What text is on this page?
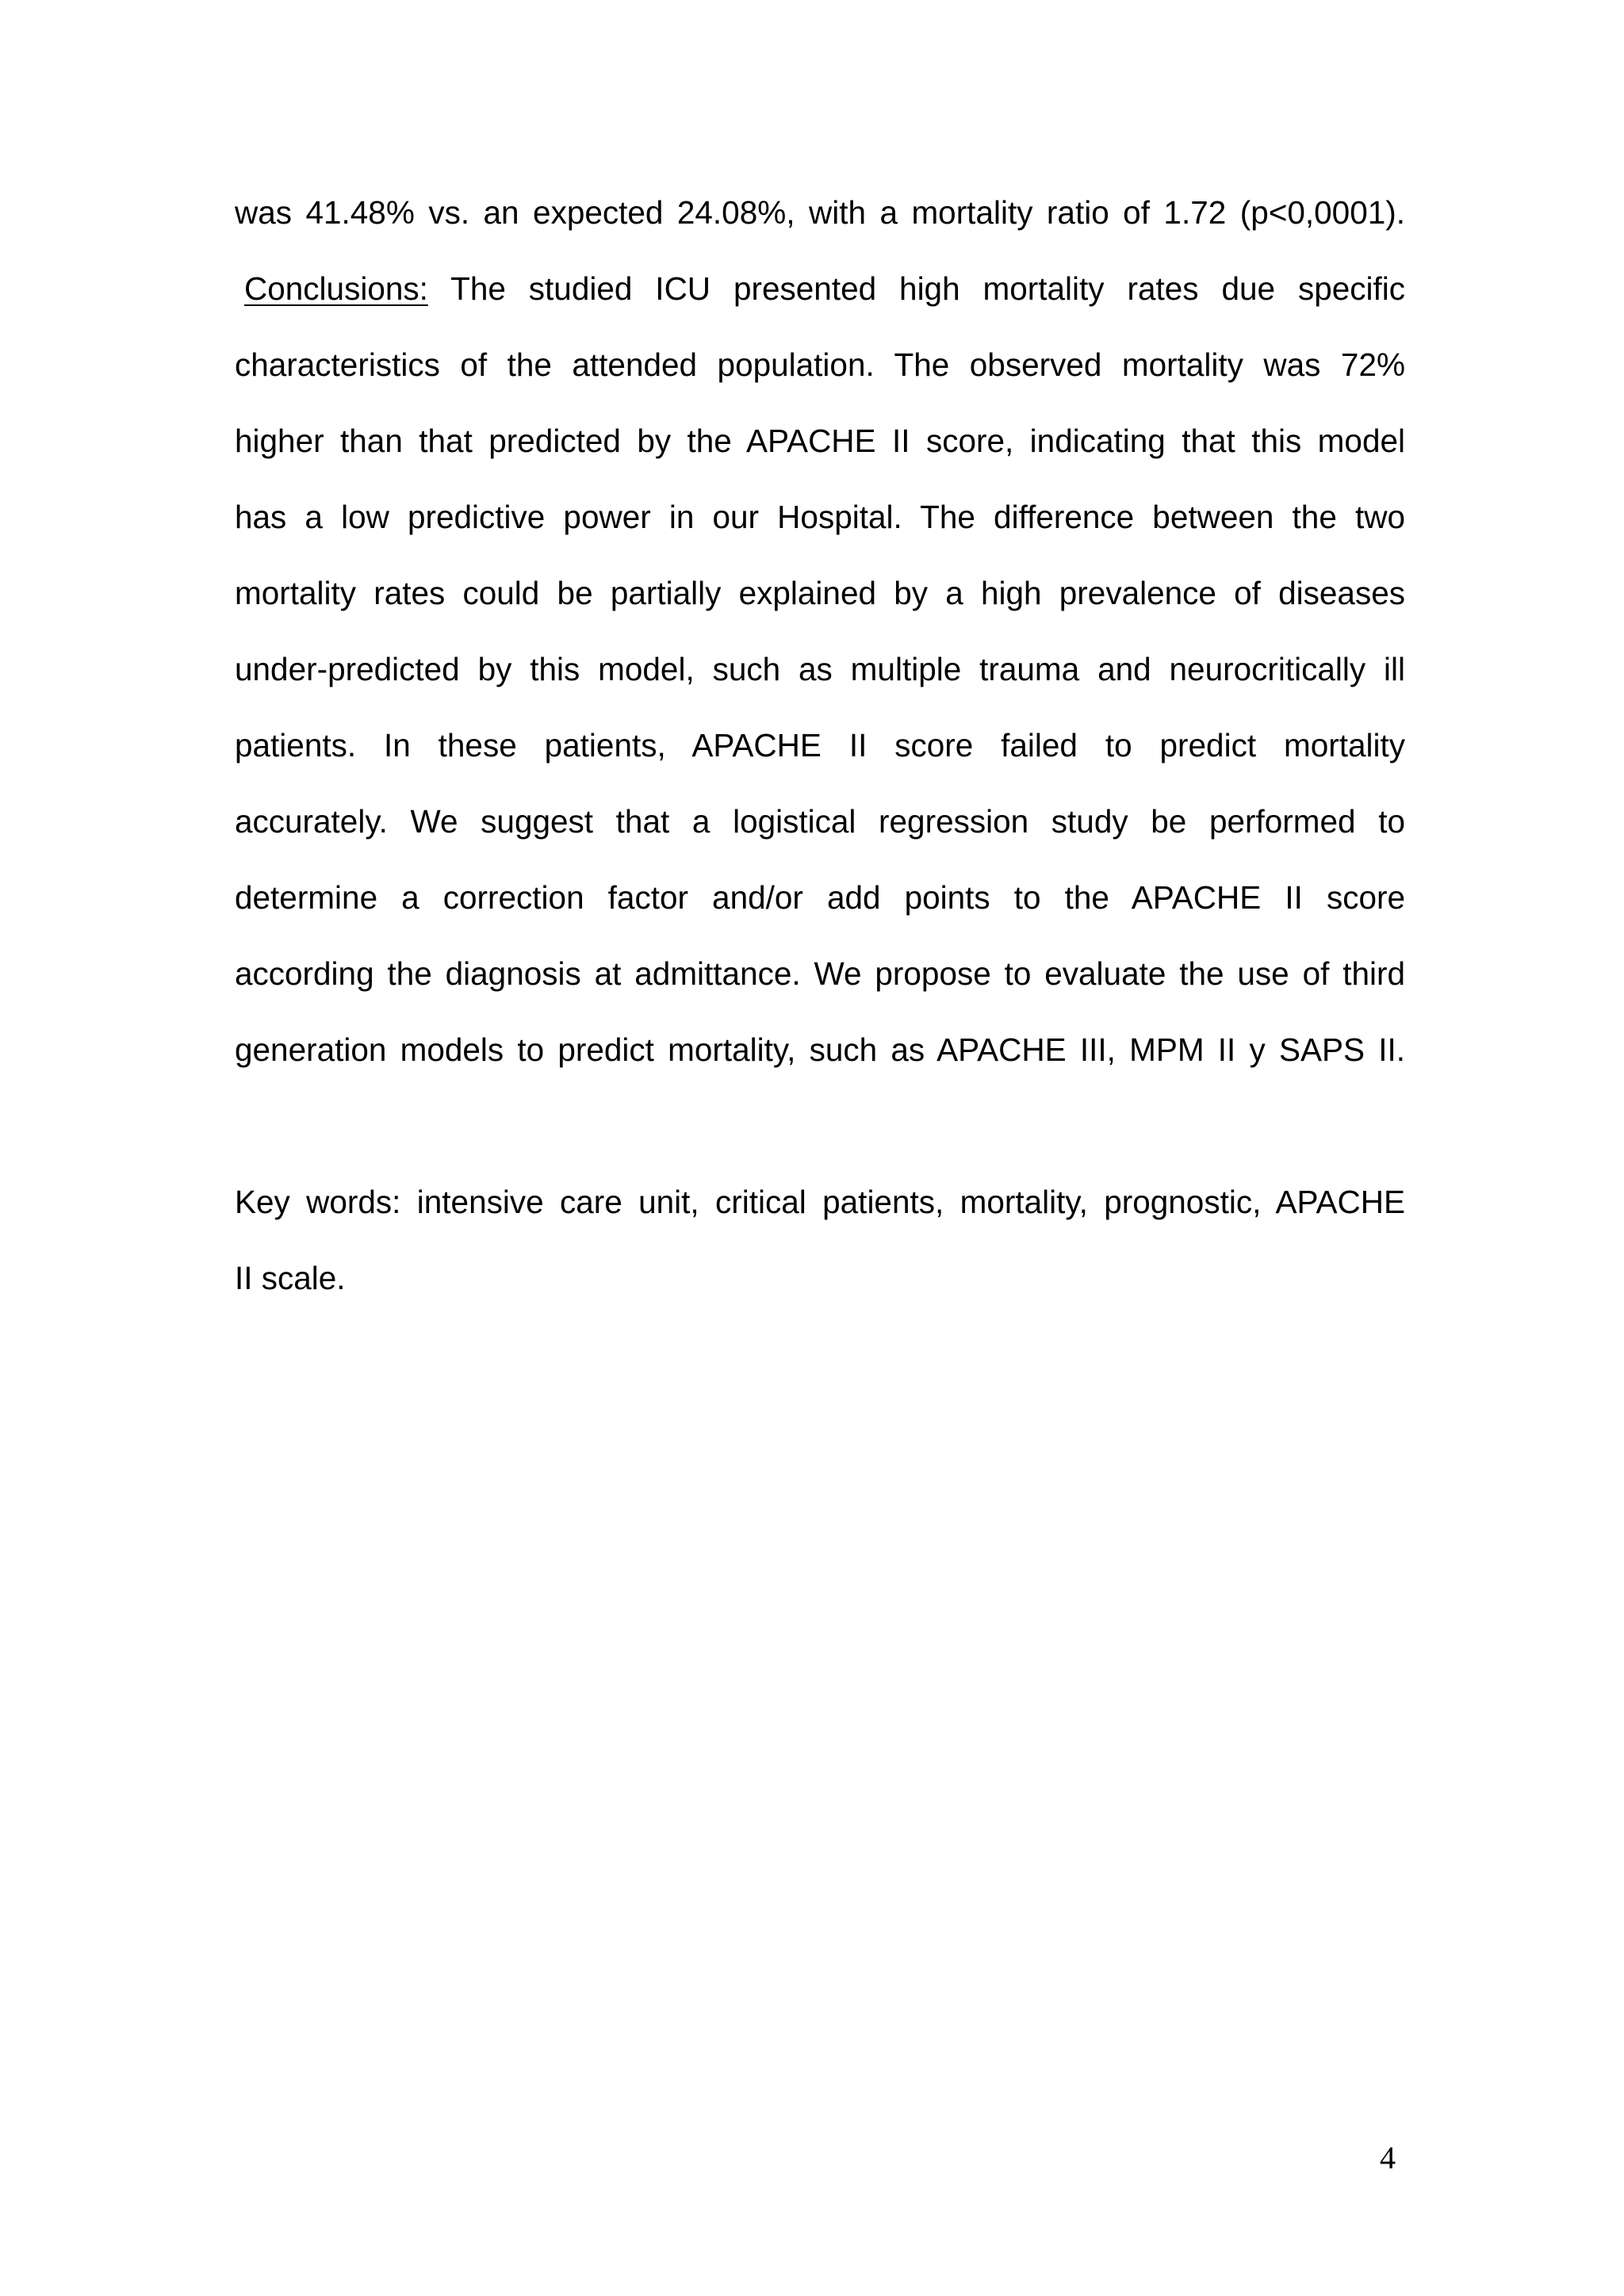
was 41.48% vs. an expected 24.08%, with a mortality ratio of 1.72 (p<0,0001).
Conclusions: The studied ICU presented high mortality rates due specific
characteristics of the attended population. The observed mortality was 72%
higher than that predicted by the APACHE II score, indicating that this model
has a low predictive power in our Hospital. The difference between the two
mortality rates could be partially explained by a high prevalence of diseases
under-predicted by this model, such as multiple trauma and neurocritically ill
patients. In these patients, APACHE II score failed to predict mortality
accurately. We suggest that a logistical regression study be performed to
determine a correction factor and/or add points to the APACHE II score
according the diagnosis at admittance. We propose to evaluate the use of third
generation models to predict mortality, such as APACHE III, MPM II y SAPS II.
Key words: intensive care unit, critical patients, mortality, prognostic, APACHE
II scale.
4
